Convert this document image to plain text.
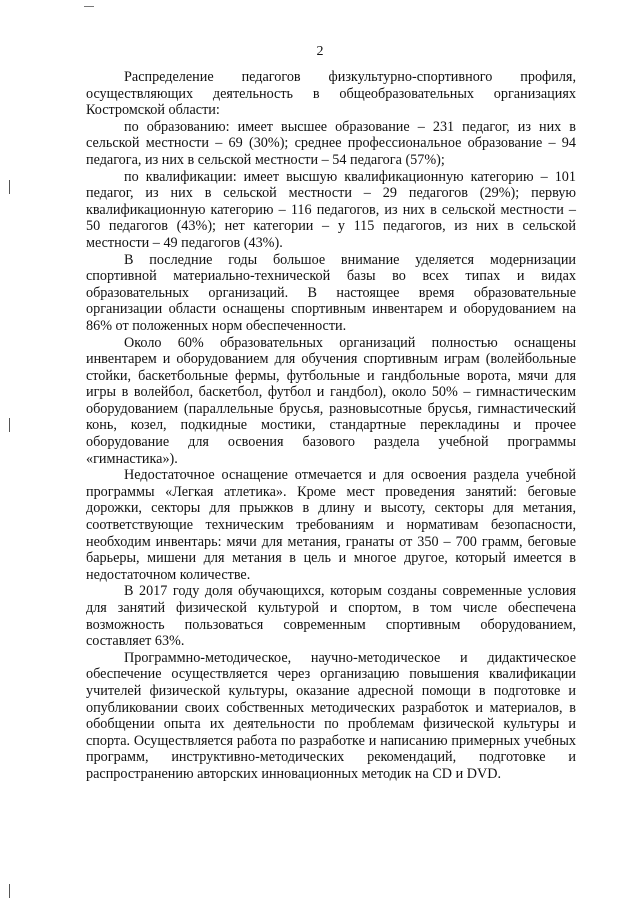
2

Распределение педагогов физкультурно-спортивного профиля, осуществляющих деятельность в общеобразовательных организациях Костромской области:

по образованию: имеет высшее образование – 231 педагог, из них в сельской местности – 69 (30%); среднее профессиональное образование – 94 педагога, из них в сельской местности – 54 педагога (57%);

по квалификации: имеет высшую квалификационную категорию – 101 педагог, из них в сельской местности – 29 педагогов (29%); первую квалификационную категорию – 116 педагогов, из них в сельской местности – 50 педагогов (43%); нет категории – у 115 педагогов, из них в сельской местности – 49 педагогов (43%).

В последние годы большое внимание уделяется модернизации спортивной материально-технической базы во всех типах и видах образовательных организаций. В настоящее время образовательные организации области оснащены спортивным инвентарем и оборудованием на 86% от положенных норм обеспеченности.

Около 60% образовательных организаций полностью оснащены инвентарем и оборудованием для обучения спортивным играм (волейбольные стойки, баскетбольные фермы, футбольные и гандбольные ворота, мячи для игры в волейбол, баскетбол, футбол и гандбол), около 50% – гимнастическим оборудованием (параллельные брусья, разновысотные брусья, гимнастический конь, козел, подкидные мостики, стандартные перекладины и прочее оборудование для освоения базового раздела учебной программы «гимнастика»).

Недостаточное оснащение отмечается и для освоения раздела учебной программы «Легкая атлетика». Кроме мест проведения занятий: беговые дорожки, секторы для прыжков в длину и высоту, секторы для метания, соответствующие техническим требованиям и нормативам безопасности, необходим инвентарь: мячи для метания, гранаты от 350 – 700 грамм, беговые барьеры, мишени для метания в цель и многое другое, который имеется в недостаточном количестве.

В 2017 году доля обучающихся, которым созданы современные условия для занятий физической культурой и спортом, в том числе обеспечена возможность пользоваться современным спортивным оборудованием, составляет 63%.

Программно-методическое, научно-методическое и дидактическое обеспечение осуществляется через организацию повышения квалификации учителей физической культуры, оказание адресной помощи в подготовке и опубликовании своих собственных методических разработок и материалов, в обобщении опыта их деятельности по проблемам физической культуры и спорта. Осуществляется работа по разработке и написанию примерных учебных программ, инструктивно-методических рекомендаций, подготовке и распространению авторских инновационных методик на CD и DVD.
